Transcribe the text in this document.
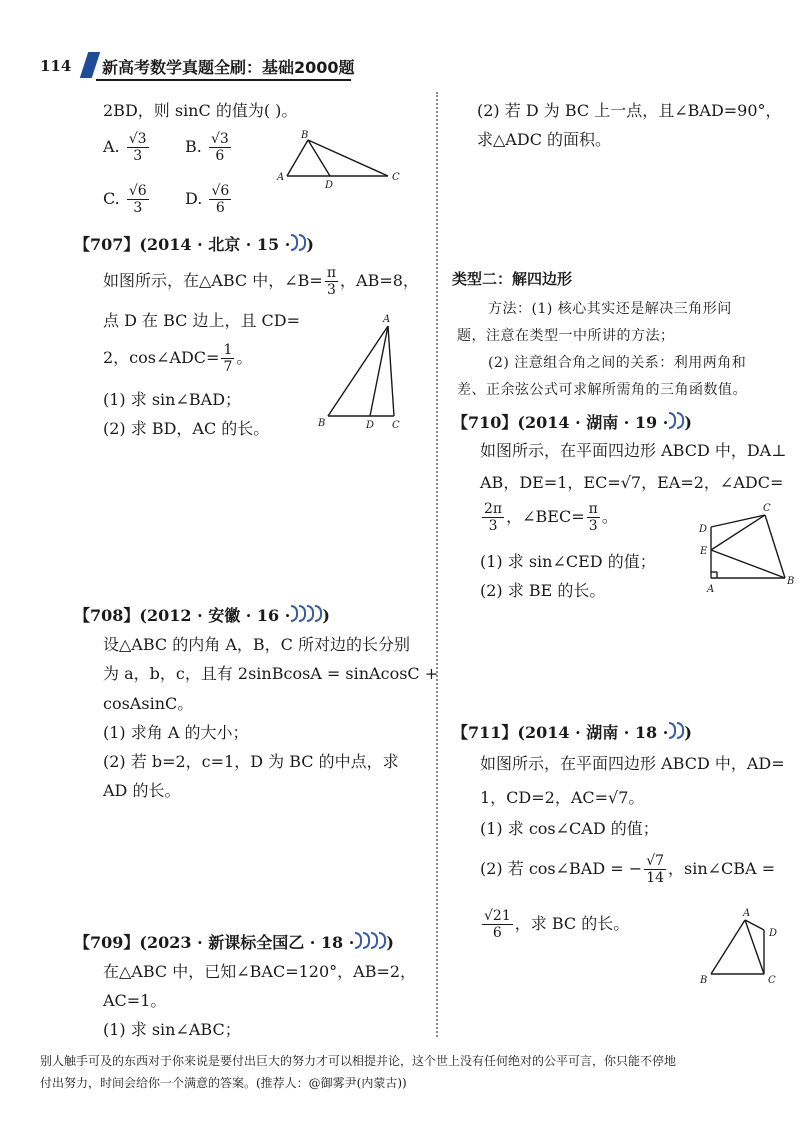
114 新高考数学真题全刷：基础2000题
2BD，则 sinC 的值为( )。
A. $\frac{√3}{3} B$. $\frac{√3}{6}$
C. $\frac{√6}{3} D$. $\frac{√6}{6}$
B
A
D
C
【707】(2014 · 北京 · 15 · )
如图所示，在△ABC 中，∠B= $\frac{\pi}{3}$ ，AB=8，
点 D 在 BC 边上，且 CD=
2，cos∠ADC= $\frac{1}{7}$ 。
(1) 求 sin∠BAD；
(2) 求 BD，AC 的长。
A
B	D C
【708】(2012 · 安徽 · 16 · )
设△ABC 的内角 A，B，C 所对边的长分别
为 a，b，c，且有 2sinBcosA = sinAcosC +
cosAsinC。
(1) 求角 A 的大小；
(2) 若 b=2，c=1，D 为 BC 的中点，求
AD 的长。
【709】(2023 · 新课标全国乙 · 18 · )
在△ABC 中，已知∠BAC=120°，AB=2，
AC=1。
(1) 求 sin∠ABC；
(2) 若 D 为 BC 上一点，且∠BAD=90°，
求△ADC 的面积。
类型二：解四边形
方法：(1) 核心其实还是解决三角形问
题，注意在类型一中所讲的方法；
(2) 注意组合角之间的关系：利用两角和
差、正余弦公式可求解所需角的三角函数值。
【710】(2014 · 湖南 · 19 · )
如图所示，在平面四边形 ABCD 中，DA⊥
AB，DE=1，EC=√7，EA=2，∠ADC=
$\frac{2\pi}{3}$ ，∠BEC= $\frac{\pi}{3}$ 。
(1) 求 sin∠CED 的值；
(2) 求 BE 的长。
C
D
E
A
B
【711】(2014 · 湖南 · 18 · )
如图所示，在平面四边形 ABCD 中，AD=
1，CD=2，AC=√7。
(1) 求 cos∠CAD 的值；
(2) 若 cos∠BAD = − $\frac{√7}{14}$ ，sin∠CBA =
$\frac{√21}{6}$ ，求 BC 的长。
A
D
B	C
别人触手可及的东西对于你来说是要付出巨大的努力才可以相提并论，这个世上没有任何绝对的公平可言，你只能不停地
付出努力，时间会给你一个满意的答案。(推荐人：@御雾尹(内蒙古))
